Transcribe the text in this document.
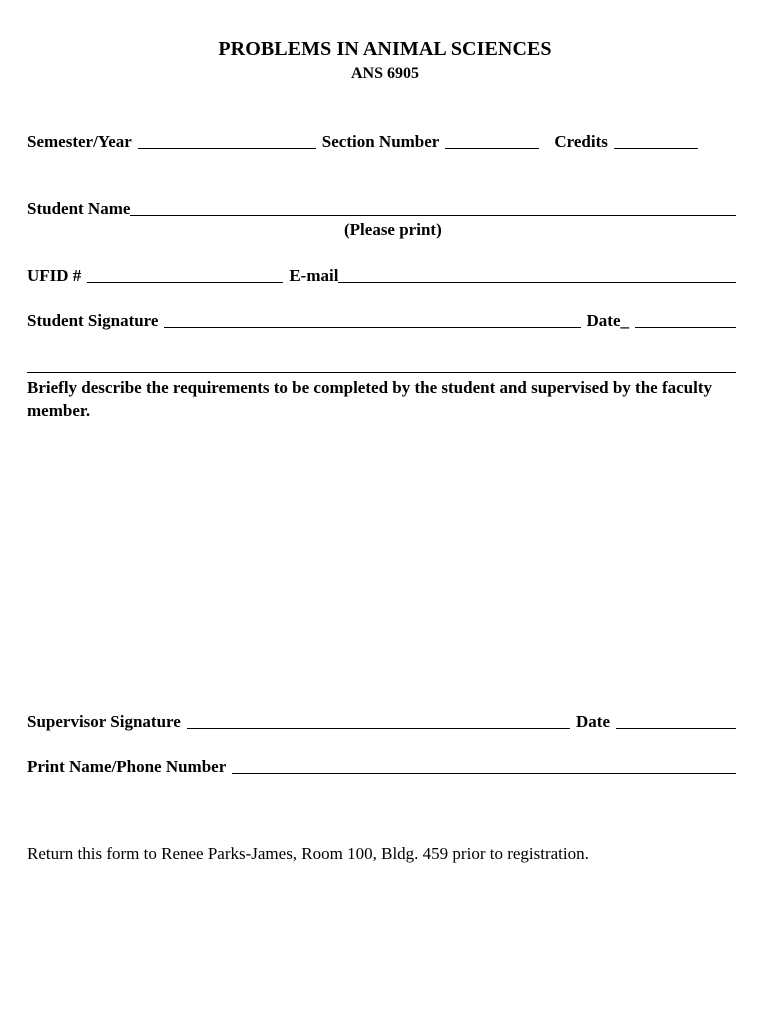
PROBLEMS IN ANIMAL SCIENCES
ANS 6905
Semester/Year	Section Number	Credits
Student Name
(Please print)
UFID #	E-mail
Student Signature	Date_
Briefly describe the requirements to be completed by the student and supervised by the faculty member.
Supervisor Signature	Date
Print Name/Phone Number
Return this form to Renee Parks-James, Room 100, Bldg. 459 prior to registration.
